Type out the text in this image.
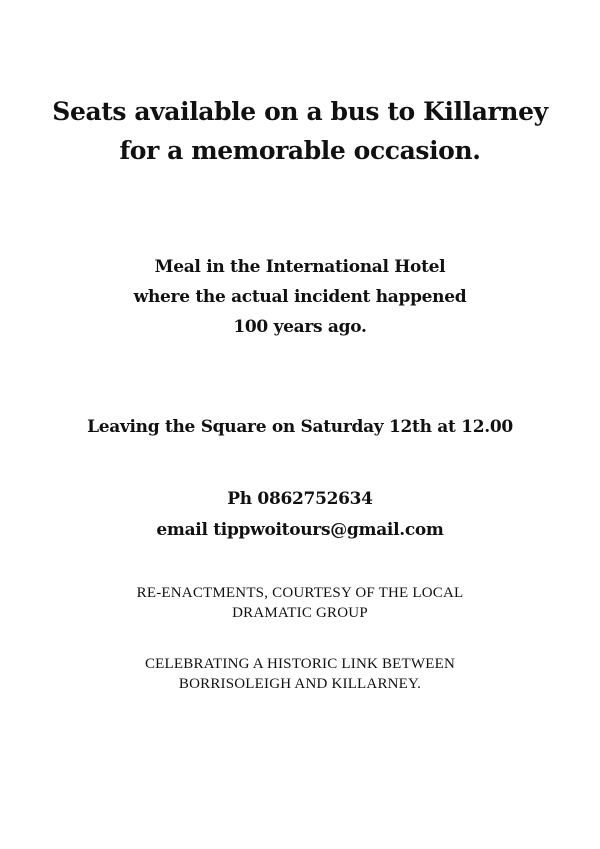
Seats available on a bus to Killarney
for a memorable occasion.

Meal in the International Hotel
where the actual incident happened
100 years ago.

Leaving the Square on Saturday 12th at 12.00

Ph 0862752634
email tippwoitours@gmail.com

RE-ENACTMENTS, COURTESY OF THE LOCAL
DRAMATIC GROUP

CELEBRATING A HISTORIC LINK BETWEEN
BORRISOLEIGH AND KILLARNEY.
